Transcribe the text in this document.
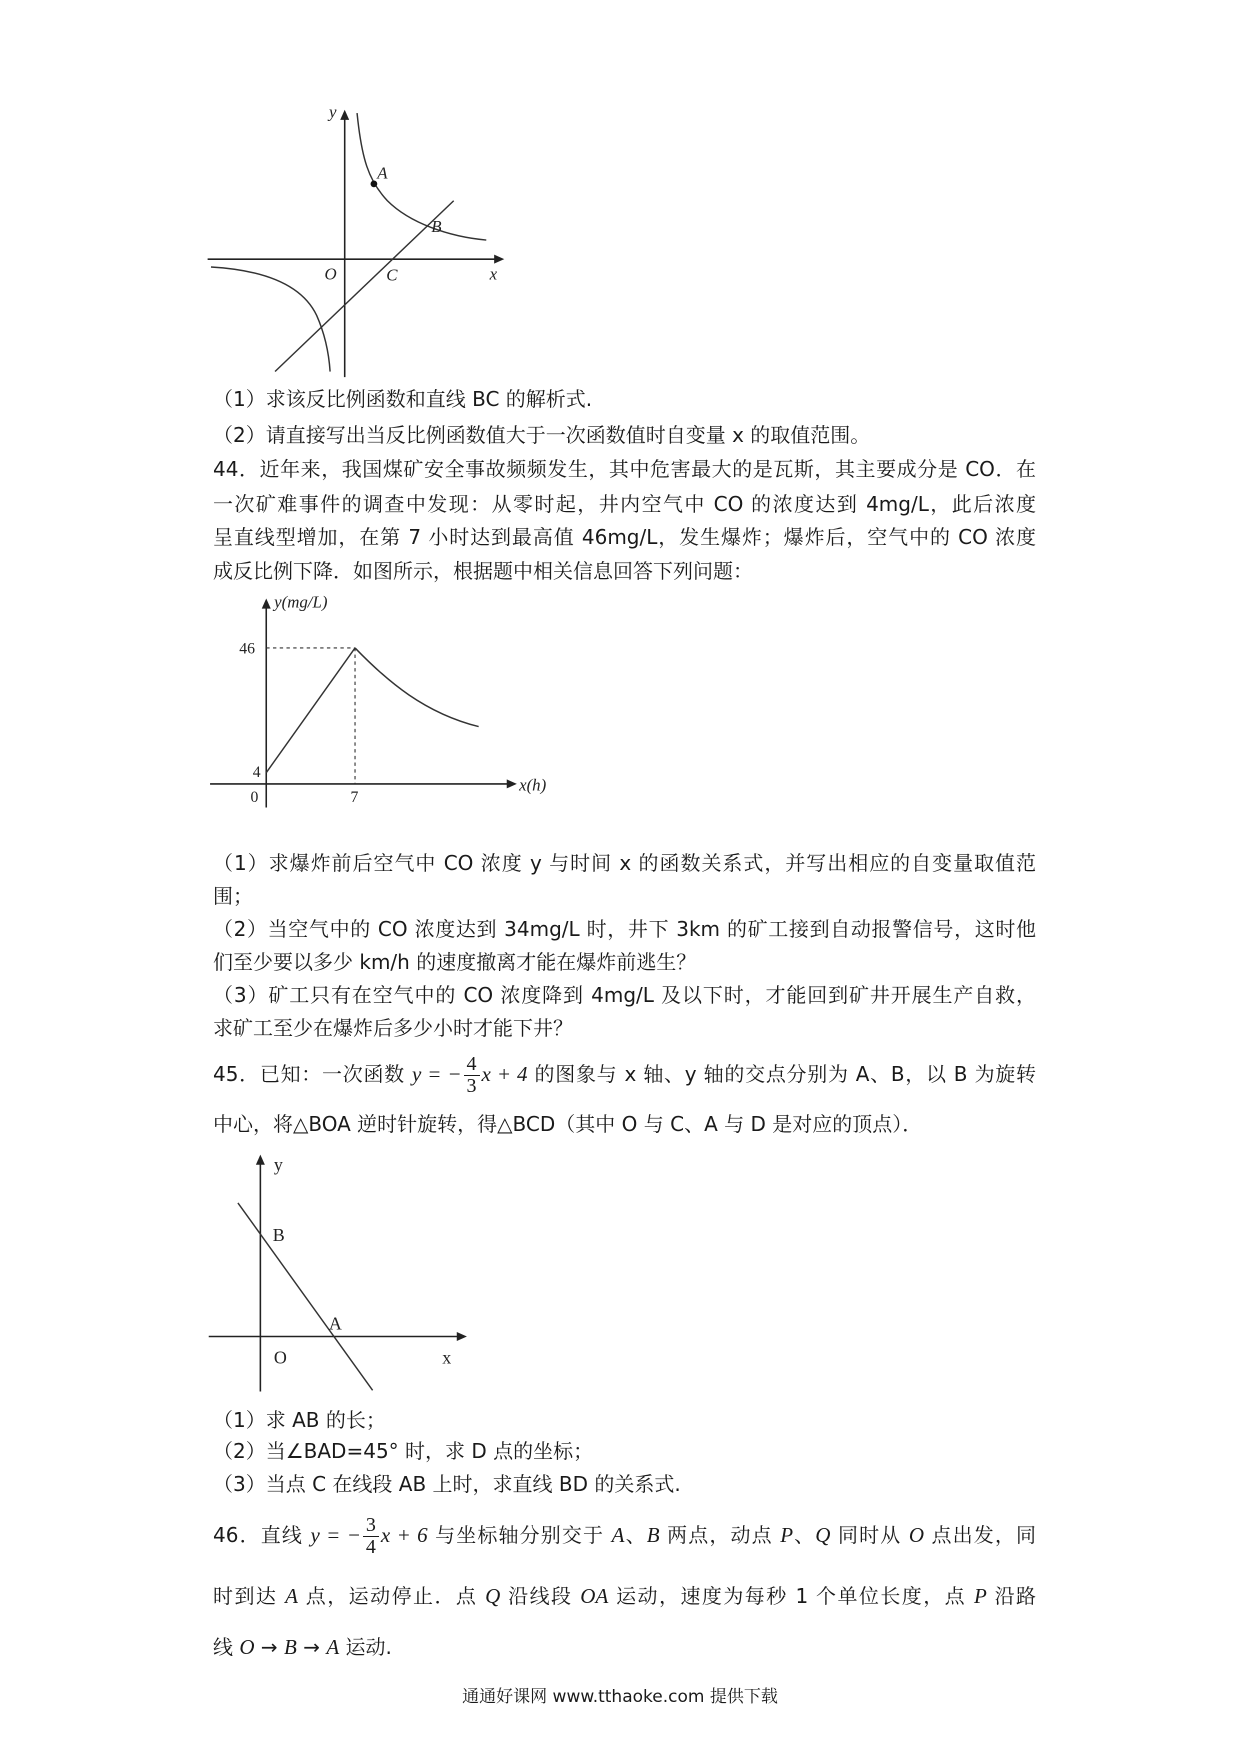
y
x
O	C
A
B
（1）求该反比例函数和直线 BC 的解析式.
（2）请直接写出当反比例函数值大于一次函数值时自变量 x 的取值范围。
44．近年来，我国煤矿安全事故频频发生，其中危害最大的是瓦斯，其主要成分是 CO．在
一次矿难事件的调查中发现：从零时起，井内空气中 CO 的浓度达到 4mg/L，此后浓度
呈直线型增加，在第 7 小时达到最高值 46mg/L，发生爆炸；爆炸后，空气中的 CO 浓度
成反比例下降．如图所示，根据题中相关信息回答下列问题：
y(mg/L)
x(h)
46
4
0	7
（1）求爆炸前后空气中 CO 浓度 y 与时间 x 的函数关系式，并写出相应的自变量取值范
围；
（2）当空气中的 CO 浓度达到 34mg/L 时，井下 3km 的矿工接到自动报警信号，这时他
们至少要以多少 km/h 的速度撤离才能在爆炸前逃生？
（3）矿工只有在空气中的 CO 浓度降到 4mg/L 及以下时，才能回到矿井开展生产自救，
求矿工至少在爆炸后多少小时才能下井？
45．已知：一次函数 y = − $\frac{4}{3}$ x + 4 的图象与 x 轴、y 轴的交点分别为 A、B，以 B 为旋转
中心，将△BOA 逆时针旋转，得△BCD（其中 O 与 C、A 与 D 是对应的顶点）．
y
x
O
B
A
（1）求 AB 的长；
（2）当∠BAD=45° 时，求 D 点的坐标；
（3）当点 C 在线段 AB 上时，求直线 BD 的关系式.
46．直线 y = − $\frac{3}{4}$ x + 6 与坐标轴分别交于 A、B 两点，动点 P、Q 同时从 O 点出发，同
时到达 A 点，运动停止．点 Q 沿线段 OA 运动，速度为每秒 1 个单位长度，点 P 沿路
线 O → B → A 运动.
通通好课网 www.tthaoke.com 提供下载
